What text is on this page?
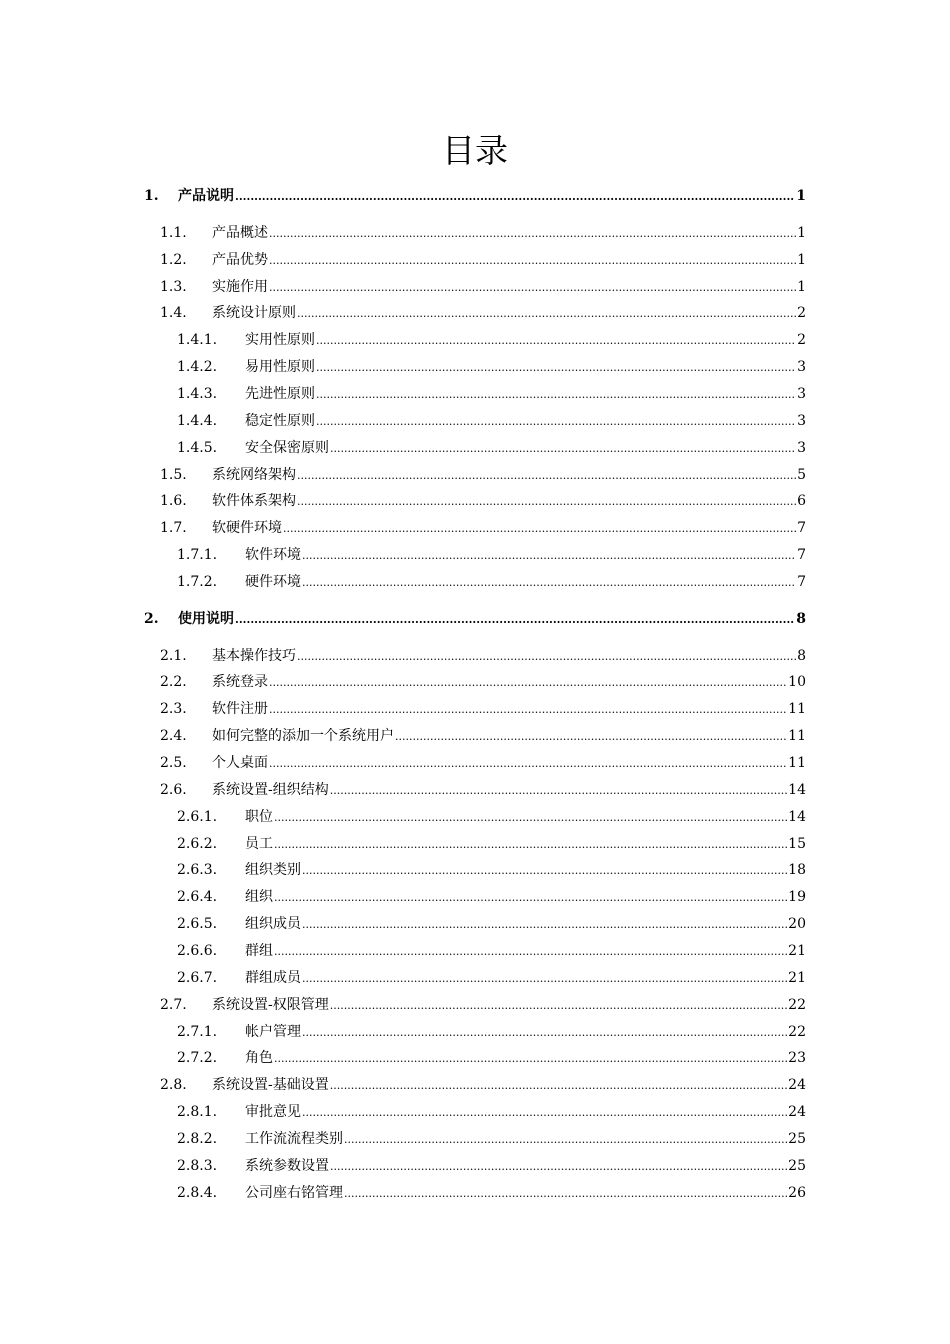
目录
1.	产品说明 .....	1
1.1.	产品概述 .....	1
1.2.	产品优势 .....	1
1.3.	实施作用 .....	1
1.4.	系统设计原则 .....	2
1.4.1.	实用性原则 .....	2
1.4.2.	易用性原则 .....	3
1.4.3.	先进性原则 .....	3
1.4.4.	稳定性原则 .....	3
1.4.5.	安全保密原则 .....	3
1.5.	系统网络架构 .....	5
1.6.	软件体系架构 .....	6
1.7.	软硬件环境 .....	7
1.7.1.	软件环境 .....	7
1.7.2.	硬件环境 .....	7
2.	使用说明 .....	8
2.1.	基本操作技巧 .....	8
2.2.	系统登录 .....	10
2.3.	软件注册 .....	11
2.4.	如何完整的添加一个系统用户 .....	11
2.5.	个人桌面 .....	11
2.6.	系统设置-组织结构 .....	14
2.6.1.	职位 .....	14
2.6.2.	员工 .....	15
2.6.3.	组织类别 .....	18
2.6.4.	组织 .....	19
2.6.5.	组织成员 .....	20
2.6.6.	群组 .....	21
2.6.7.	群组成员 .....	21
2.7.	系统设置-权限管理 .....	22
2.7.1.	帐户管理 .....	22
2.7.2.	角色 .....	23
2.8.	系统设置-基础设置 .....	24
2.8.1.	审批意见 .....	24
2.8.2.	工作流流程类别 .....	25
2.8.3.	系统参数设置 .....	25
2.8.4.	公司座右铭管理 .....	26
